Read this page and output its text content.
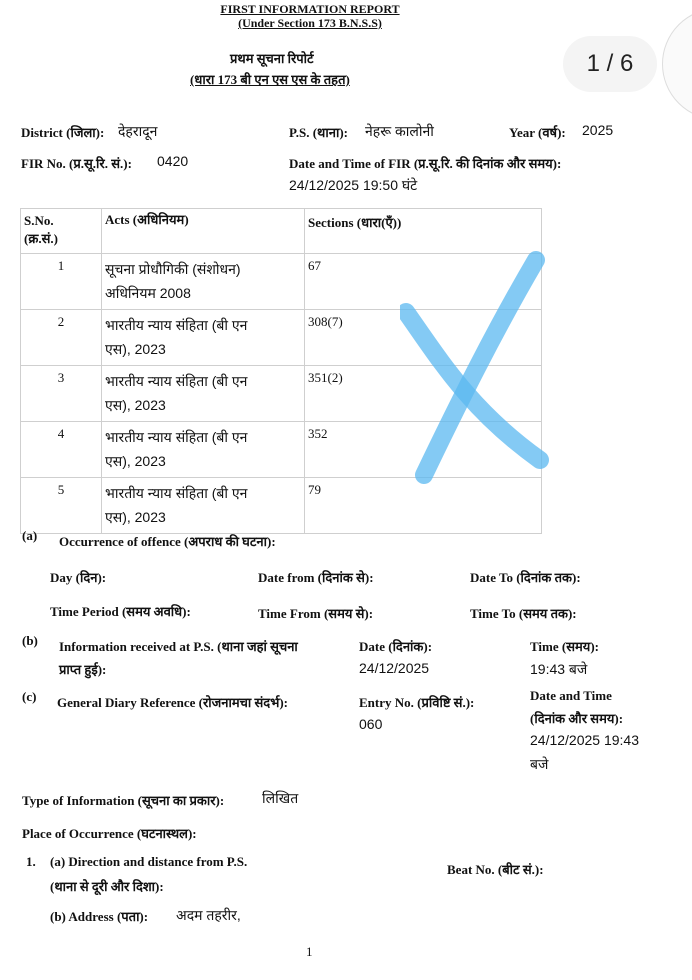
FIRST INFORMATION REPORT
(Under Section 173 B.N.S.S)
प्रथम सूचना रिपोर्ट
(धारा 173 बी एन एस एस के तहत)
1 / 6
District (जिला): देहरादून	P.S. (थाना): नेहरू कालोनी	Year (वर्ष): 2025
FIR No. (प्र.सू.रि. सं.): 0420	Date and Time of FIR (प्र.सू.रि. की दिनांक और समय):
24/12/2025 19:50 घंटे
S.No.
(क्र.सं.)	Acts (अधिनियम)	Sections (धारा(एँ))
1	सूचना प्रोधौगिकी (संशोधन)
अधिनियम 2008	67
2	भारतीय न्याय संहिता (बी एन
एस), 2023	308(7)
3	भारतीय न्याय संहिता (बी एन
एस), 2023	351(2)
4	भारतीय न्याय संहिता (बी एन
एस), 2023	352
5	भारतीय न्याय संहिता (बी एन
एस), 2023	79
(a) Occurrence of offence (अपराध की घटना):
Day (दिन):	Date from (दिनांक से):	Date To (दिनांक तक):
Time Period (समय अवधि):	Time From (समय से):	Time To (समय तक):
(b) Information received at P.S. (थाना जहां सूचना
प्राप्त हुई):
Date (दिनांक):
24/12/2025
Time (समय):
19:43 बजे
(c) General Diary Reference (रोजनामचा संदर्भ):	Entry No. (प्रविष्टि सं.):
060
Date and Time
(दिनांक और समय):
24/12/2025 19:43
बजे
Type of Information (सूचना का प्रकार):	लिखित
Place of Occurrence (घटनास्थल):
1. (a) Direction and distance from P.S.
(थाना से दूरी और दिशा):
Beat No. (बीट सं.):
(b) Address (पता): अदम तहरीर,
1
